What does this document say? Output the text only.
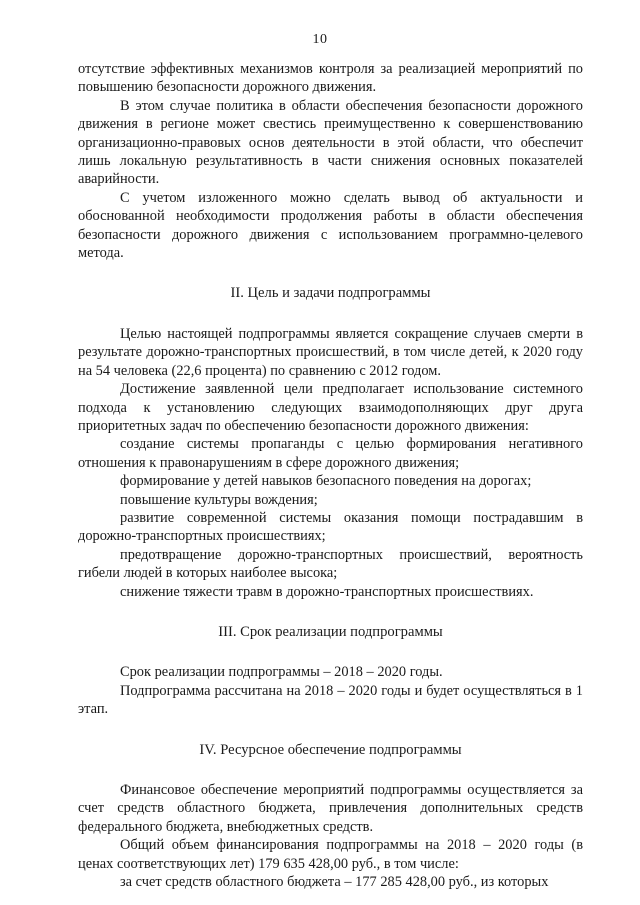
10

отсутствие эффективных механизмов контроля за реализацией мероприятий по повышению безопасности дорожного движения.

В этом случае политика в области обеспечения безопасности дорожного движения в регионе может свестись преимущественно к совершенствованию организационно-правовых основ деятельности в этой области, что обеспечит лишь локальную результативность в части снижения основных показателей аварийности.

С учетом изложенного можно сделать вывод об актуальности и обоснованной необходимости продолжения работы в области обеспечения безопасности дорожного движения с использованием программно-целевого метода.

II. Цель и задачи подпрограммы

Целью настоящей подпрограммы является сокращение случаев смерти в результате дорожно-транспортных происшествий, в том числе детей, к 2020 году на 54 человека (22,6 процента) по сравнению с 2012 годом.

Достижение заявленной цели предполагает использование системного подхода к установлению следующих взаимодополняющих друг друга приоритетных задач по обеспечению безопасности дорожного движения:

создание системы пропаганды с целью формирования негативного отношения к правонарушениям в сфере дорожного движения;

формирование у детей навыков безопасного поведения на дорогах;

повышение культуры вождения;

развитие современной системы оказания помощи пострадавшим в дорожно-транспортных происшествиях;

предотвращение дорожно-транспортных происшествий, вероятность гибели людей в которых наиболее высока;

снижение тяжести травм в дорожно-транспортных происшествиях.

III. Срок реализации подпрограммы

Срок реализации подпрограммы – 2018 – 2020 годы.

Подпрограмма рассчитана на 2018 – 2020 годы и будет осуществляться в 1 этап.

IV. Ресурсное обеспечение подпрограммы

Финансовое обеспечение мероприятий подпрограммы осуществляется за счет средств областного бюджета, привлечения дополнительных средств федерального бюджета, внебюджетных средств.

Общий объем финансирования подпрограммы на 2018 – 2020 годы (в ценах соответствующих лет) 179 635 428,00 руб., в том числе:

за счет средств областного бюджета – 177 285 428,00 руб., из которых
